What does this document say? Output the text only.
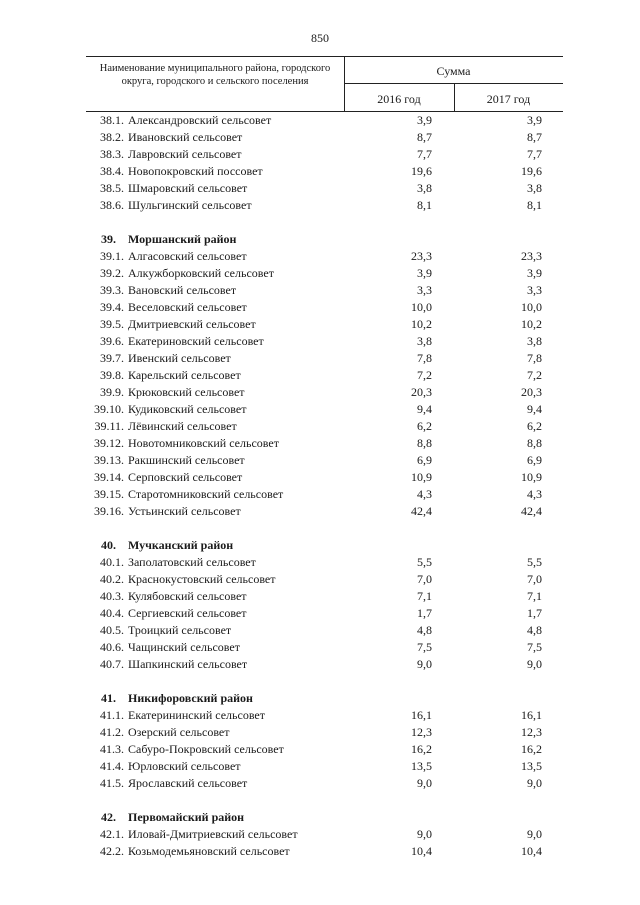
850
Наименование муниципального района, городского округа, городского и сельского поселения
Сумма
2016 год	2017 год
38.1. Александровский сельсовет	3,9	3,9
38.2. Ивановский сельсовет	8,7	8,7
38.3. Лавровский сельсовет	7,7	7,7
38.4. Новопокровский поссовет	19,6	19,6
38.5. Шмаровский сельсовет	3,8	3,8
38.6. Шульгинский сельсовет	8,1	8,1
39. Моршанский район
39.1. Алгасовский сельсовет	23,3	23,3
39.2. Алкужборковский сельсовет	3,9	3,9
39.3. Вановский сельсовет	3,3	3,3
39.4. Веселовский сельсовет	10,0	10,0
39.5. Дмитриевский сельсовет	10,2	10,2
39.6. Екатериновский сельсовет	3,8	3,8
39.7. Ивенский сельсовет	7,8	7,8
39.8. Карельский сельсовет	7,2	7,2
39.9. Крюковский сельсовет	20,3	20,3
39.10. Кудиковский сельсовет	9,4	9,4
39.11. Лёвинский сельсовет	6,2	6,2
39.12. Новотомниковский сельсовет	8,8	8,8
39.13. Ракшинский сельсовет	6,9	6,9
39.14. Серповский сельсовет	10,9	10,9
39.15. Старотомниковский сельсовет	4,3	4,3
39.16. Устьинский сельсовет	42,4	42,4
40. Мучканский район
40.1. Заполатовский сельсовет	5,5	5,5
40.2. Краснокустовский сельсовет	7,0	7,0
40.3. Кулябовский сельсовет	7,1	7,1
40.4. Сергиевский сельсовет	1,7	1,7
40.5. Троицкий сельсовет	4,8	4,8
40.6. Чащинский сельсовет	7,5	7,5
40.7. Шапкинский сельсовет	9,0	9,0
41. Никифоровский район
41.1. Екатерининский сельсовет	16,1	16,1
41.2. Озерский сельсовет	12,3	12,3
41.3. Сабуро-Покровский сельсовет	16,2	16,2
41.4. Юрловский сельсовет	13,5	13,5
41.5. Ярославский сельсовет	9,0	9,0
42. Первомайский район
42.1. Иловай-Дмитриевский сельсовет	9,0	9,0
42.2. Козьмодемьяновский сельсовет	10,4	10,4
